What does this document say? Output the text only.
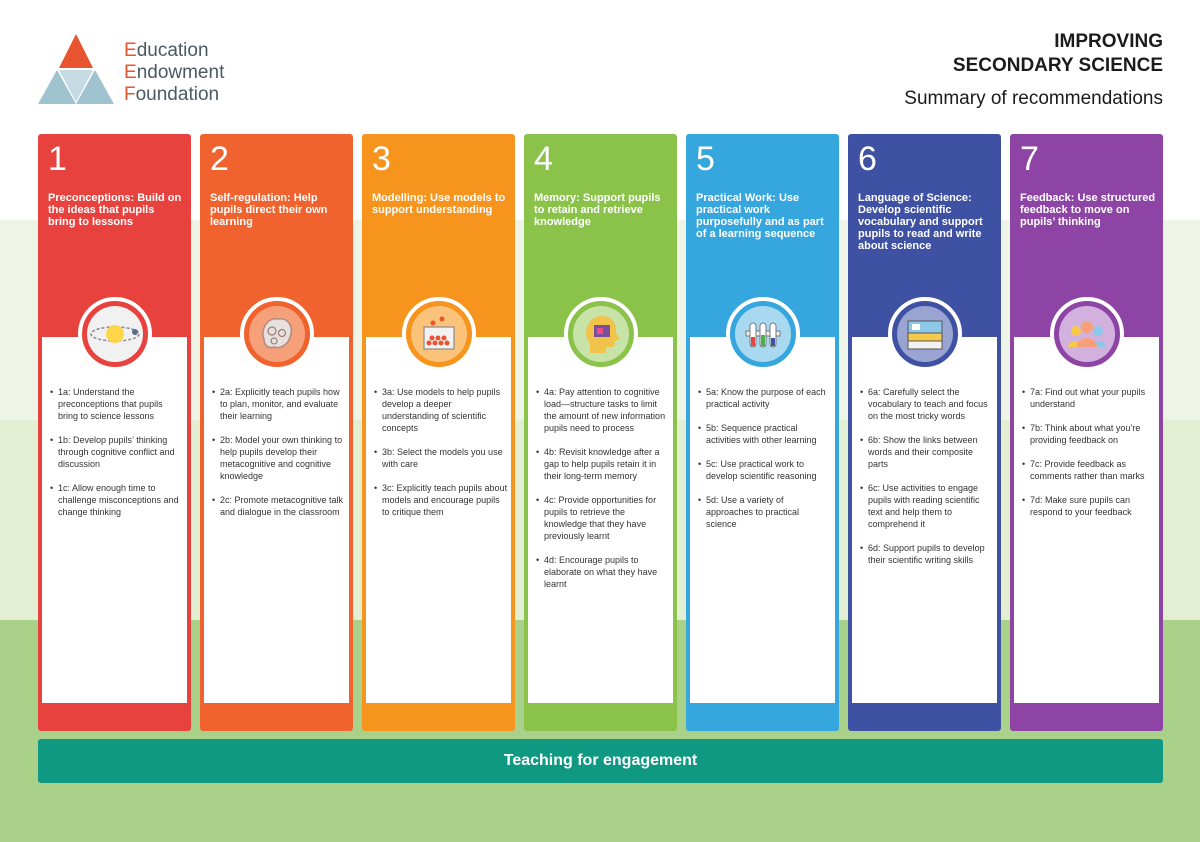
Education
Endowment
Foundation
IMPROVING
SECONDARY SCIENCE
Summary of recommendations
1
Preconceptions: Build on the ideas that pupils bring to lessons
• 1a: Understand the preconceptions that pupils bring to science lessons
• 1b: Develop pupils’ thinking through cognitive conflict and discussion
• 1c: Allow enough time to challenge misconceptions and change thinking
2
Self-regulation: Help pupils direct their own learning
• 2a: Explicitly teach pupils how to plan, monitor, and evaluate their learning
• 2b: Model your own thinking to help pupils develop their metacognitive and cognitive knowledge
• 2c: Promote metacognitive talk and dialogue in the classroom
3
Modelling: Use models to support understanding
• 3a: Use models to help pupils develop a deeper understanding of scientific concepts
• 3b: Select the models you use with care
• 3c: Explicitly teach pupils about models and encourage pupils to critique them
4
Memory: Support pupils to retain and retrieve knowledge
• 4a: Pay attention to cognitive load—structure tasks to limit the amount of new information pupils need to process
• 4b: Revisit knowledge after a gap to help pupils retain it in their long-term memory
• 4c: Provide opportunities for pupils to retrieve the knowledge that they have previously learnt
• 4d: Encourage pupils to elaborate on what they have learnt
5
Practical Work: Use practical work purposefully and as part of a learning sequence
• 5a: Know the purpose of each practical activity
• 5b: Sequence practical activities with other learning
• 5c: Use practical work to develop scientific reasoning
• 5d: Use a variety of approaches to practical science
6
Language of Science: Develop scientific vocabulary and support pupils to read and write about science
• 6a: Carefully select the vocabulary to teach and focus on the most tricky words
• 6b: Show the links between words and their composite parts
• 6c: Use activities to engage pupils with reading scientific text and help them to comprehend it
• 6d: Support pupils to develop their scientific writing skills
7
Feedback: Use structured feedback to move on pupils’ thinking
• 7a: Find out what your pupils understand
• 7b: Think about what you’re providing feedback on
• 7c: Provide feedback as comments rather than marks
• 7d: Make sure pupils can respond to your feedback
Teaching for engagement
